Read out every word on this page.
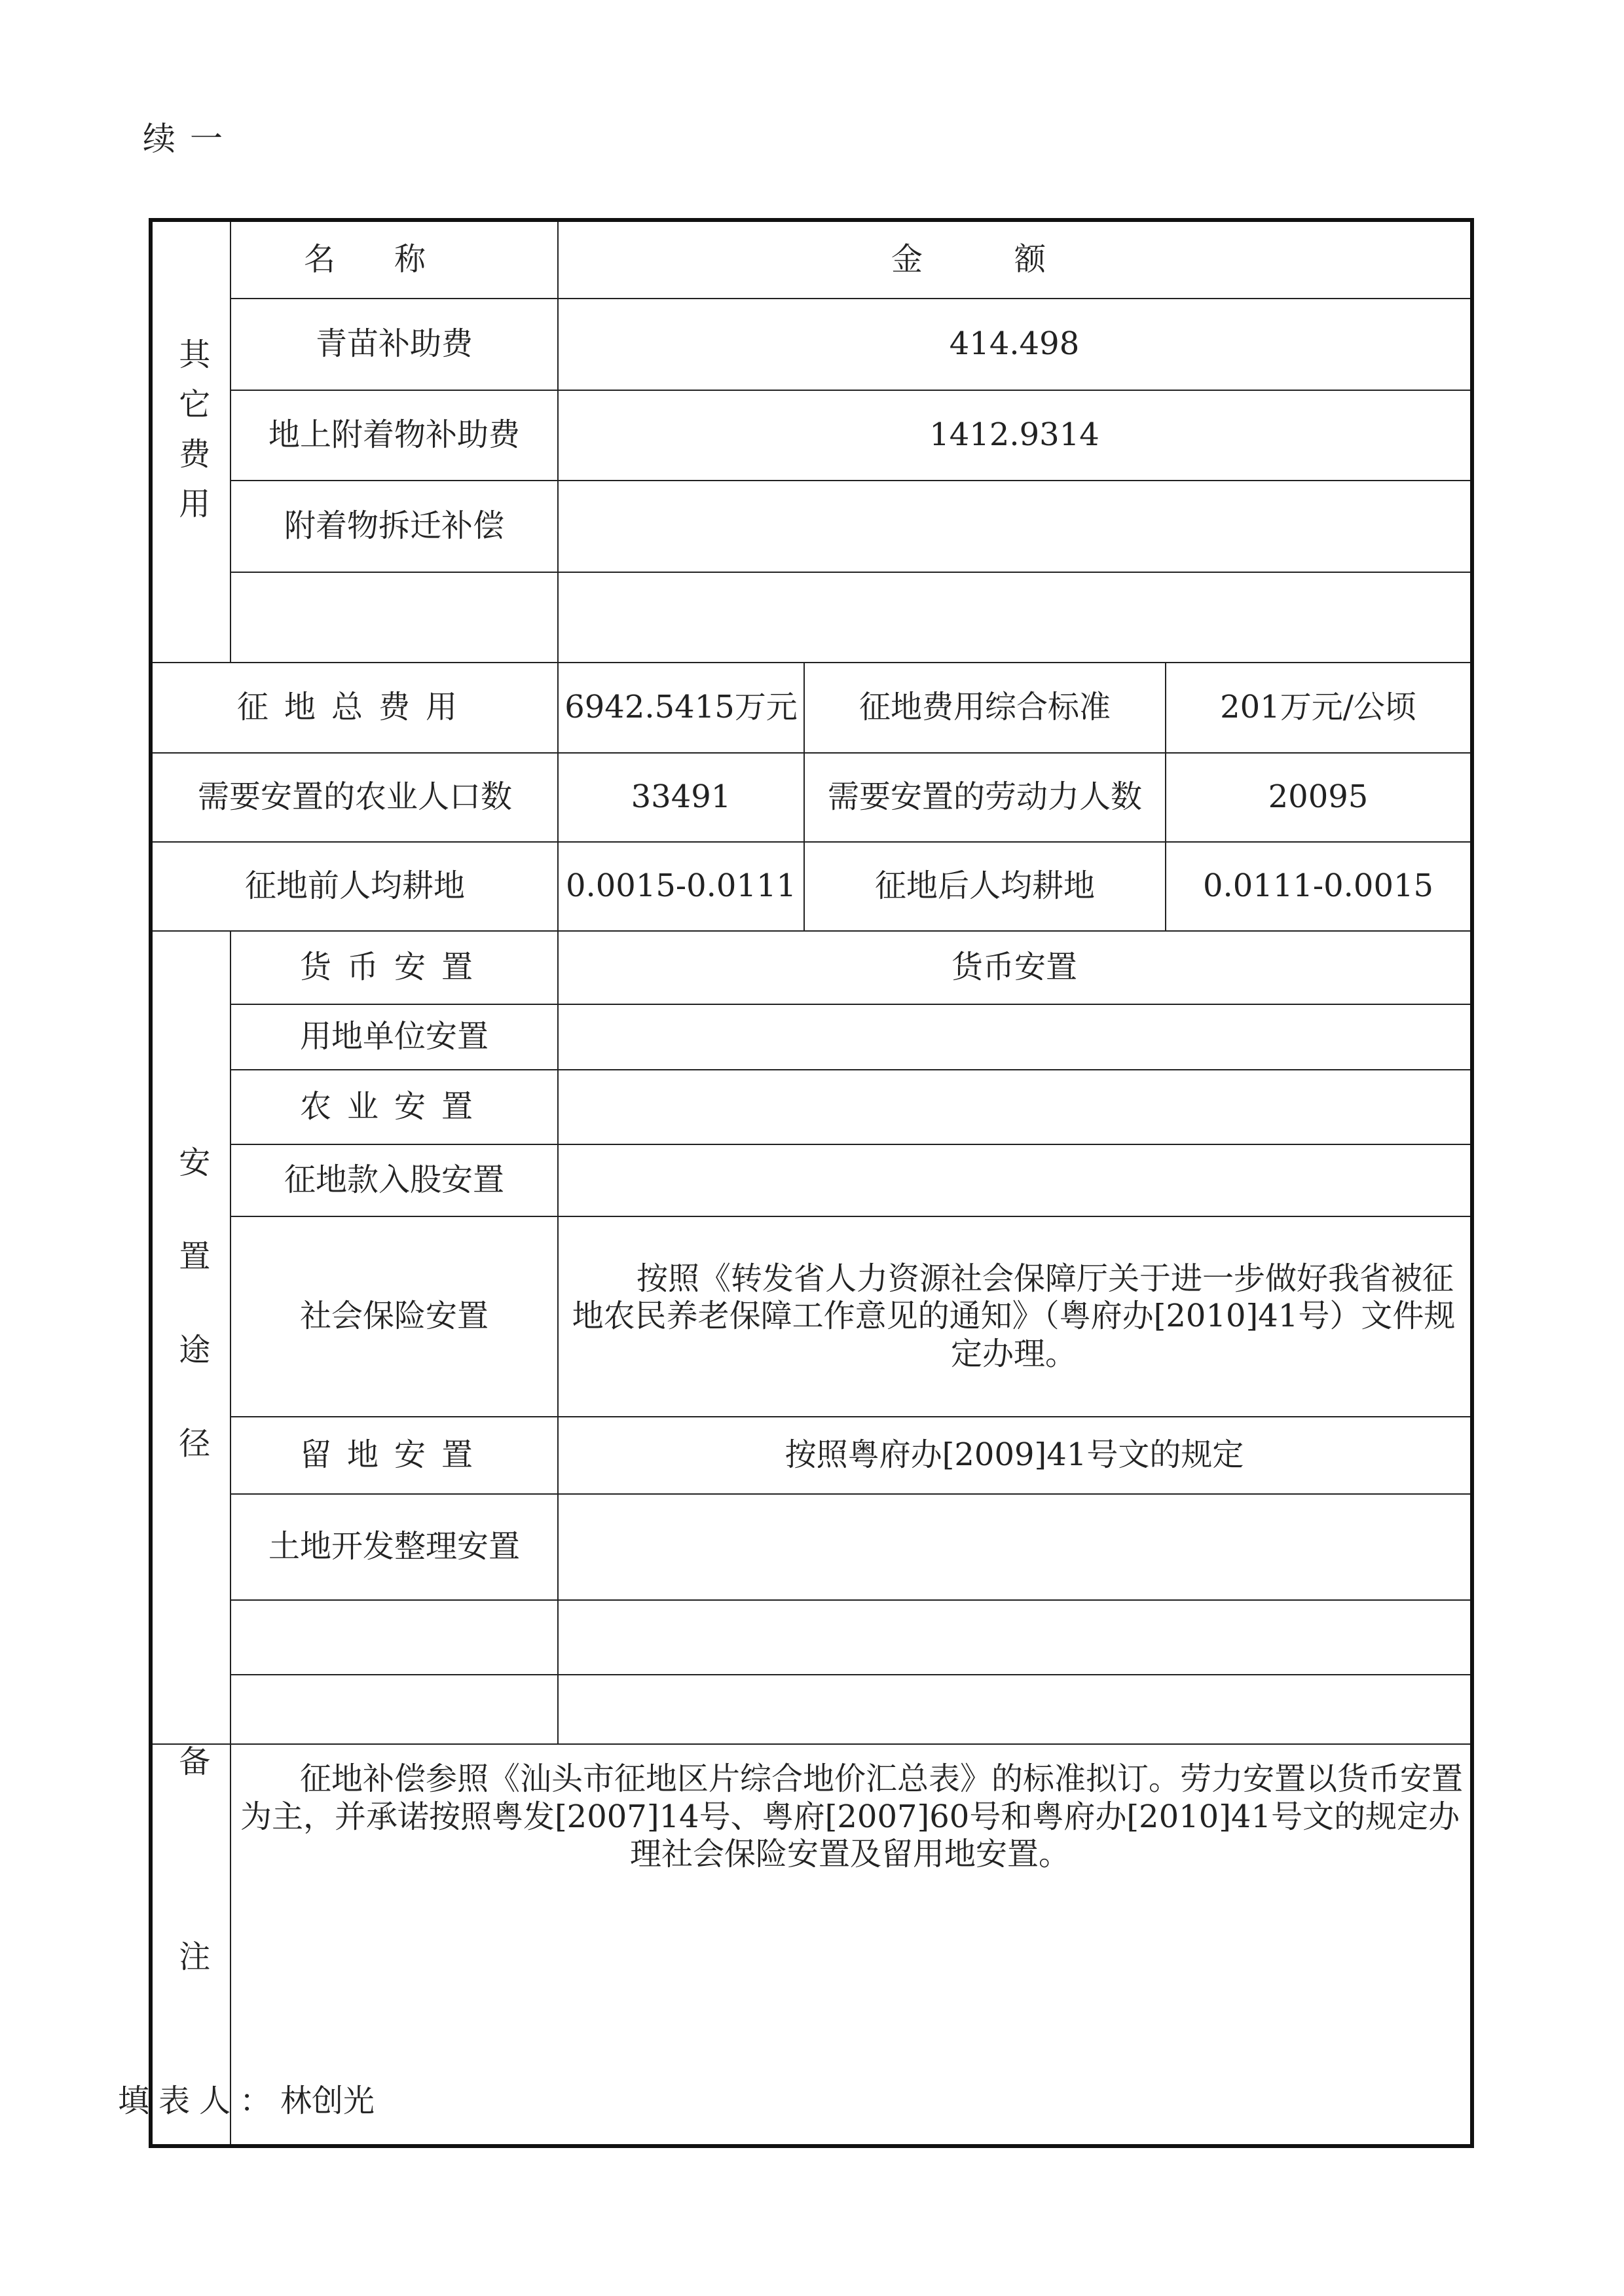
续一
其它费用	名称	金额		
	青苗补助费	414.498		
	地上附着物补助费	1412.9314		
	附着物拆迁补偿			

征地总费用		6942.5415万元	征地费用综合标准	201万元/公顷
需要安置的农业人口数		33491	需要安置的劳动力人数	20095
征地前人均耕地		0.0015-0.0111	征地后人均耕地	0.0111-0.0015
安置途径	货币安置	货币安置		
	用地单位安置			
	农业安置			
	征地款入股安置			
	社会保险安置	按照《转发省人力资源社会保障厅关于进一步做好我省被征地农民养老保障工作意见的通知》（粤府办[2010]41号）文件规定办理。		
	留地安置	按照粤府办[2009]41号文的规定		
	土地开发整理安置			

备注	征地补偿参照《汕头市征地区片综合地价汇总表》的标准拟订。劳力安置以货币安置为主，并承诺按照粤发[2007]14号、粤府[2007]60号和粤府办[2010]41号文的规定办理社会保险安置及留用地安置。			
填表人：林创光
